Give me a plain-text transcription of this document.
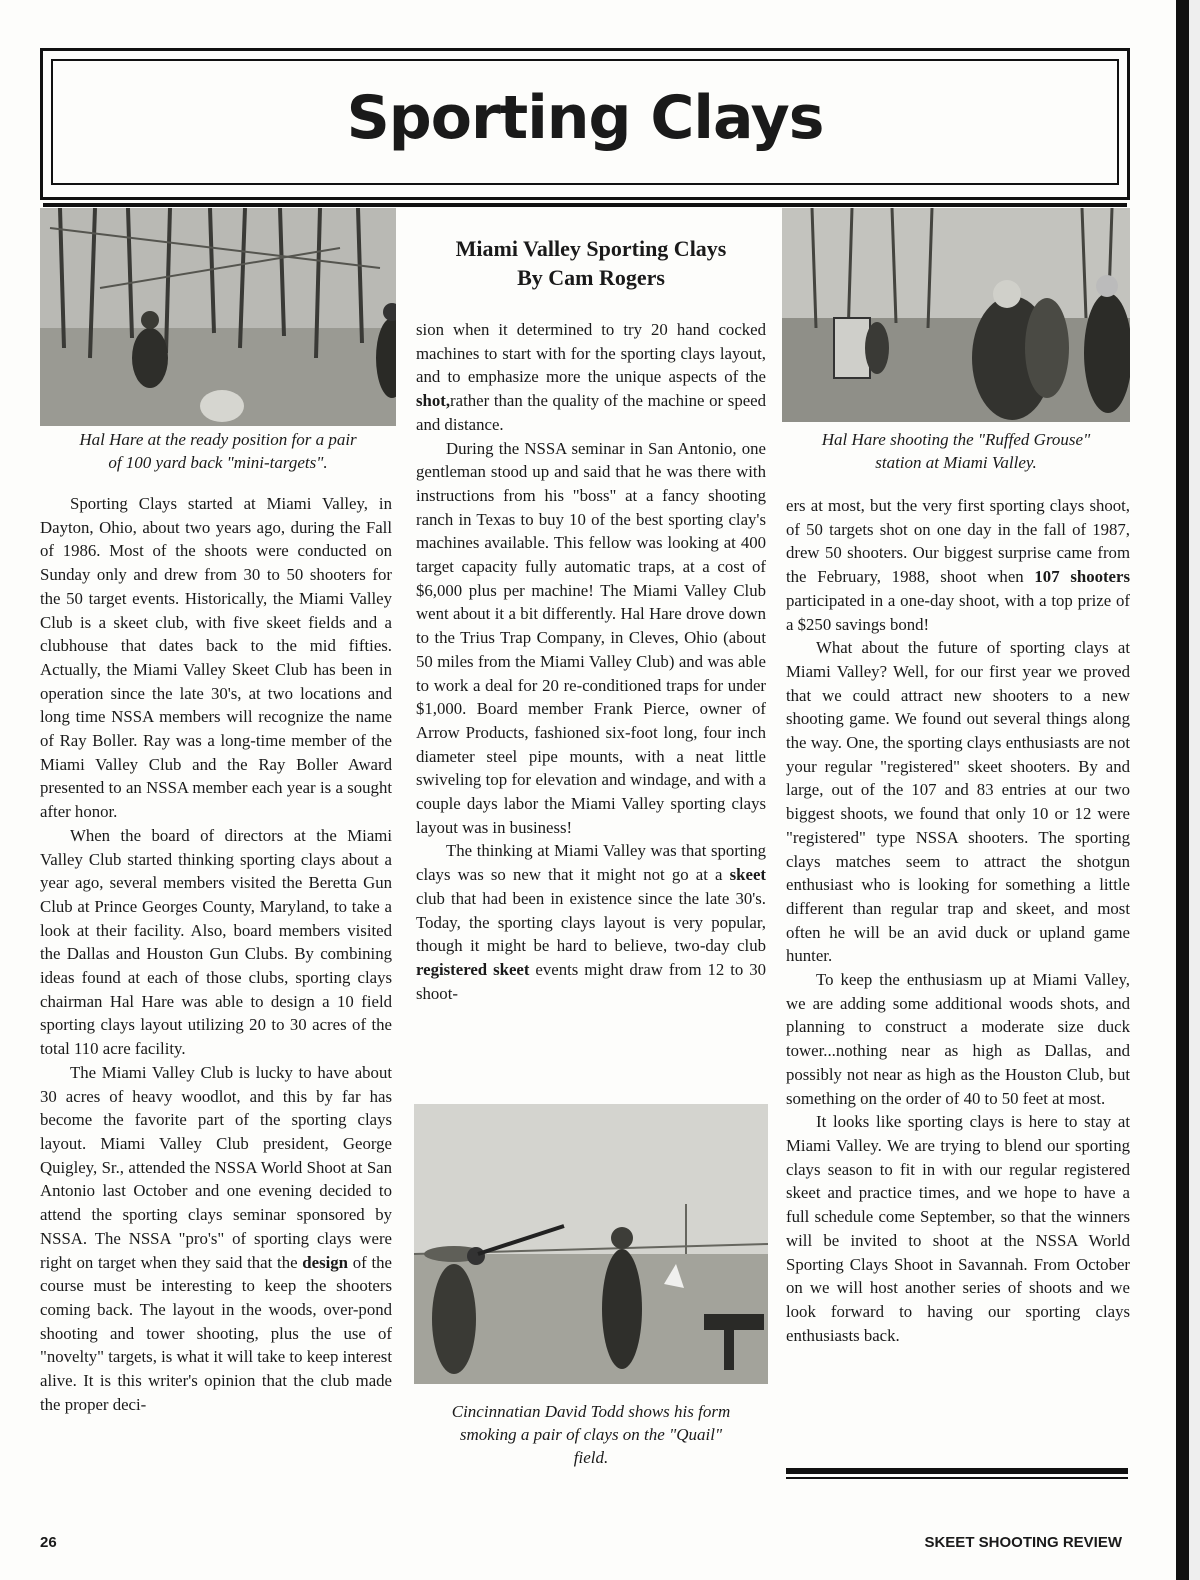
Sporting Clays
Hal Hare at the ready position for a pair
of 100 yard back "mini-targets".
Miami Valley Sporting Clays
By Cam Rogers
Hal Hare shooting the "Ruffed Grouse"
station at Miami Valley.

Sporting Clays started at Miami Valley, in Dayton, Ohio, about two years ago, during the Fall of 1986. Most of the shoots were conducted on Sunday only and drew from 30 to 50 shooters for the 50 target events. Historically, the Miami Valley Club is a skeet club, with five skeet fields and a clubhouse that dates back to the mid fifties. Actually, the Miami Valley Skeet Club has been in operation since the late 30's, at two locations and long time NSSA members will recognize the name of Ray Boller. Ray was a long-time member of the Miami Valley Club and the Ray Boller Award presented to an NSSA member each year is a sought after honor.

When the board of directors at the Miami Valley Club started thinking sporting clays about a year ago, several members visited the Beretta Gun Club at Prince Georges County, Maryland, to take a look at their facility. Also, board members visited the Dallas and Houston Gun Clubs. By combining ideas found at each of those clubs, sporting clays chairman Hal Hare was able to design a 10 field sporting clays layout utilizing 20 to 30 acres of the total 110 acre facility.

The Miami Valley Club is lucky to have about 30 acres of heavy woodlot, and this by far has become the favorite part of the sporting clays layout. Miami Valley Club president, George Quigley, Sr., attended the NSSA World Shoot at San Antonio last October and one evening decided to attend the sporting clays seminar sponsored by NSSA. The NSSA "pro's" of sporting clays were right on target when they said that the design of the course must be interesting to keep the shooters coming back. The layout in the woods, over-pond shooting and tower shooting, plus the use of "novelty" targets, is what it will take to keep interest alive. It is this writer's opinion that the club made the proper deci-

sion when it determined to try 20 hand cocked machines to start with for the sporting clays layout, and to emphasize more the unique aspects of the shot,rather than the quality of the machine or speed and distance.

During the NSSA seminar in San Antonio, one gentleman stood up and said that he was there with instructions from his "boss" at a fancy shooting ranch in Texas to buy 10 of the best sporting clay's machines available. This fellow was looking at 400 target capacity fully automatic traps, at a cost of $6,000 plus per machine! The Miami Valley Club went about it a bit differently. Hal Hare drove down to the Trius Trap Company, in Cleves, Ohio (about 50 miles from the Miami Valley Club) and was able to work a deal for 20 re-conditioned traps for under $1,000. Board member Frank Pierce, owner of Arrow Products, fashioned six-foot long, four inch diameter steel pipe mounts, with a neat little swiveling top for elevation and windage, and with a couple days labor the Miami Valley sporting clays layout was in business!

The thinking at Miami Valley was that sporting clays was so new that it might not go at a skeet club that had been in existence since the late 30's. Today, the sporting clays layout is very popular, though it might be hard to believe, two-day club registered skeet events might draw from 12 to 30 shoot-

Cincinnatian David Todd shows his form
smoking a pair of clays on the "Quail"
field.

ers at most, but the very first sporting clays shoot, of 50 targets shot on one day in the fall of 1987, drew 50 shooters. Our biggest surprise came from the February, 1988, shoot when 107 shooters participated in a one-day shoot, with a top prize of a $250 savings bond!

What about the future of sporting clays at Miami Valley? Well, for our first year we proved that we could attract new shooters to a new shooting game. We found out several things along the way. One, the sporting clays enthusiasts are not your regular "registered" skeet shooters. By and large, out of the 107 and 83 entries at our two biggest shoots, we found that only 10 or 12 were "registered" type NSSA shooters. The sporting clays matches seem to attract the shotgun enthusiast who is looking for something a little different than regular trap and skeet, and most often he will be an avid duck or upland game hunter.

To keep the enthusiasm up at Miami Valley, we are adding some additional woods shots, and planning to construct a moderate size duck tower...nothing near as high as Dallas, and possibly not near as high as the Houston Club, but something on the order of 40 to 50 feet at most.

It looks like sporting clays is here to stay at Miami Valley. We are trying to blend our sporting clays season to fit in with our regular registered skeet and practice times, and we hope to have a full schedule come September, so that the winners will be invited to shoot at the NSSA World Sporting Clays Shoot in Savannah. From October on we will host another series of shoots and we look forward to having our sporting clays enthusiasts back.

26	SKEET SHOOTING REVIEW
